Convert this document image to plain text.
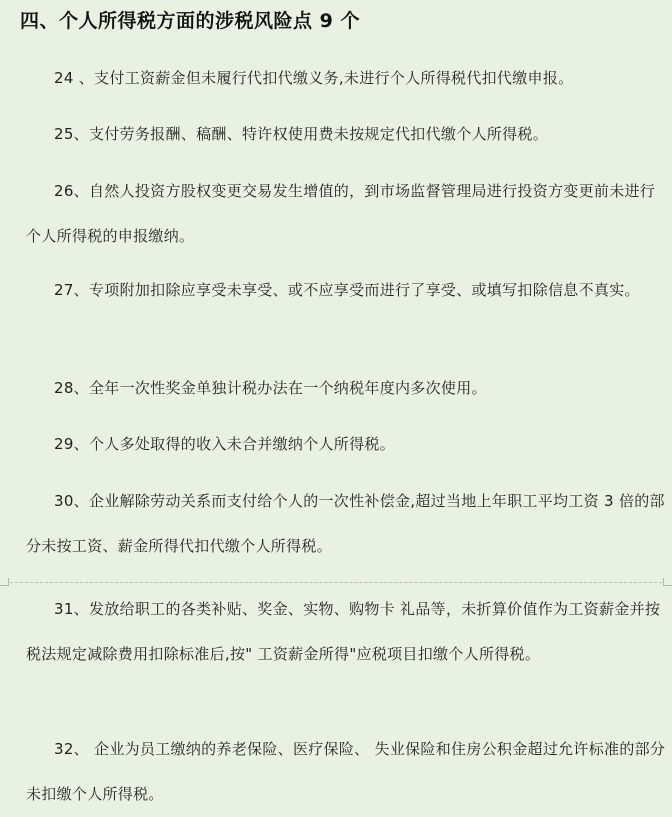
四、个人所得税方面的涉税风险点 9 个
24 、支付工资薪金但未履行代扣代缴义务,未进行个人所得税代扣代缴申报。
25、支付劳务报酬、稿酬、特许权使用费未按规定代扣代缴个人所得税。
26、自然人投资方股权变更交易发生增值的，到市场监督管理局进行投资方变更前未进行个人所得税的申报缴纳。
27、专项附加扣除应享受未享受、或不应享受而进行了享受、或填写扣除信息不真实。
28、全年一次性奖金单独计税办法在一个纳税年度内多次使用。
29、个人多处取得的收入未合并缴纳个人所得税。
30、企业解除劳动关系而支付给个人的一次性补偿金,超过当地上年职工平均工资 3 倍的部分未按工资、薪金所得代扣代缴个人所得税。
31、发放给职工的各类补贴、奖金、实物、购物卡 礼品等，未折算价值作为工资薪金并按税法规定减除费用扣除标准后,按" 工资薪金所得"应税项目扣缴个人所得税。
32、 企业为员工缴纳的养老保险、医疗保险、 失业保险和住房公积金超过允许标准的部分未扣缴个人所得税。
